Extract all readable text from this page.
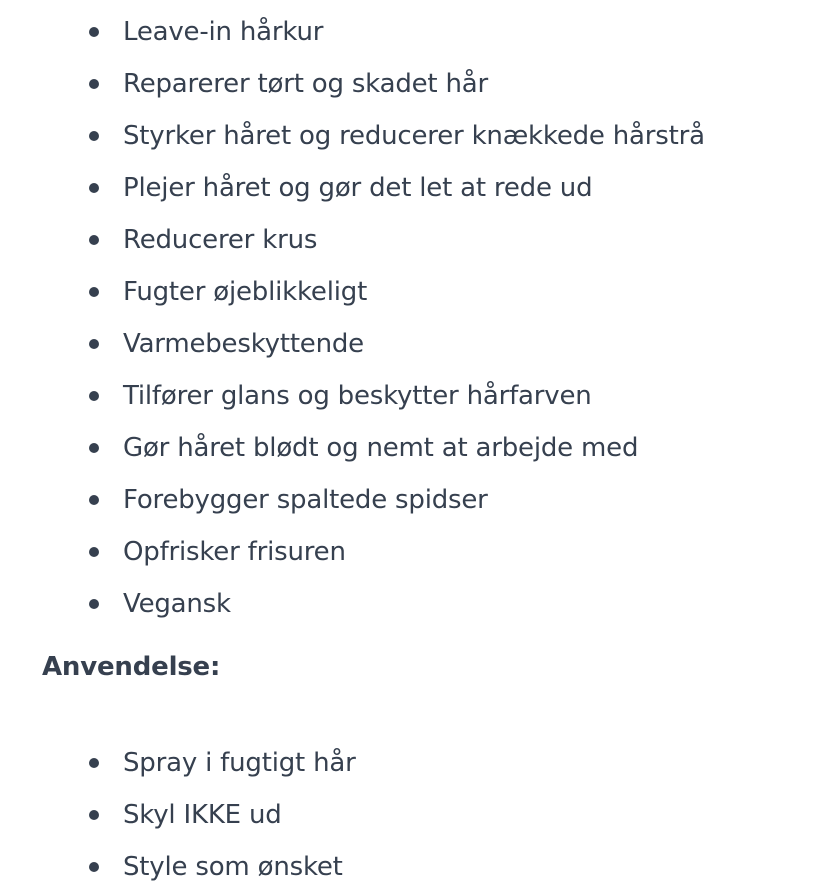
Leave-in hårkur
Reparerer tørt og skadet hår
Styrker håret og reducerer knækkede hårstrå
Plejer håret og gør det let at rede ud
Reducerer krus
Fugter øjeblikkeligt
Varmebeskyttende
Tilfører glans og beskytter hårfarven
Gør håret blødt og nemt at arbejde med
Forebygger spaltede spidser
Opfrisker frisuren
Vegansk
Anvendelse:
Spray i fugtigt hår
Skyl IKKE ud
Style som ønsket
